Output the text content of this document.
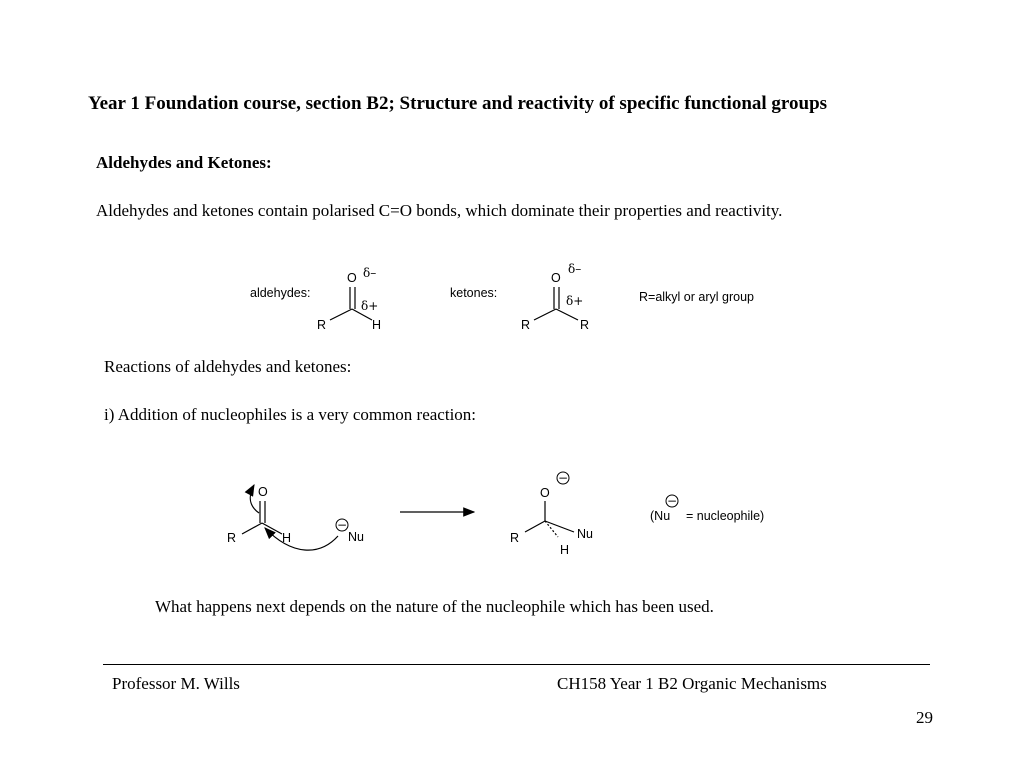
Year 1 Foundation course, section B2; Structure and reactivity of specific functional groups
Aldehydes and Ketones:
Aldehydes and ketones contain polarised C=O bonds, which dominate their properties and reactivity.
Reactions of aldehydes and ketones:
i) Addition of nucleophiles is a very common reaction:
What happens next depends on the nature of the nucleophile which has been used.
aldehydes:
O δ–
δ+
R	H
ketones:
O
δ–
δ+
R	R
R=alkyl or aryl group
O
R	H
−
Nu
−
O
R	Nu
H
−
(Nu = nucleophile)
Professor M. Wills	CH158 Year 1 B2 Organic Mechanisms
29
